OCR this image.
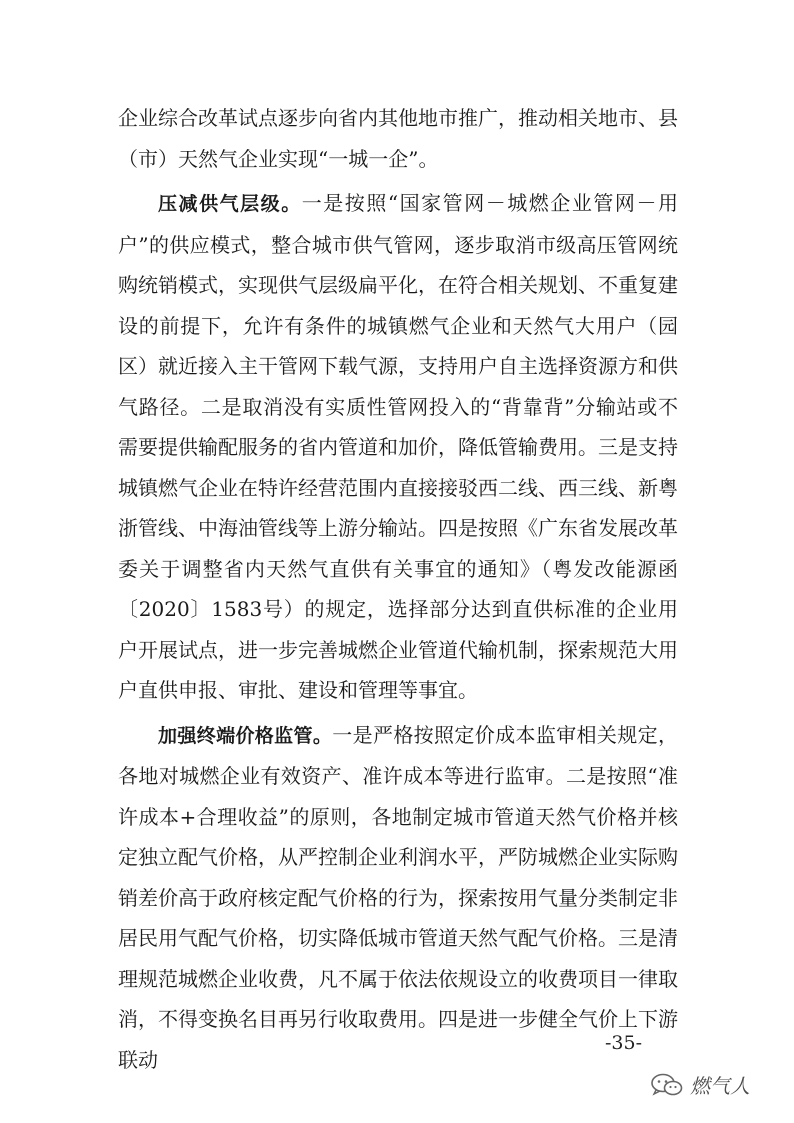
企业综合改革试点逐步向省内其他地市推广，推动相关地市、县（市）天然气企业实现“一城一企”。

压减供气层级。一是按照“国家管网－城燃企业管网－用户”的供应模式，整合城市供气管网，逐步取消市级高压管网统购统销模式，实现供气层级扁平化，在符合相关规划、不重复建设的前提下，允许有条件的城镇燃气企业和天然气大用户（园区）就近接入主干管网下载气源，支持用户自主选择资源方和供气路径。二是取消没有实质性管网投入的“背靠背”分输站或不需要提供输配服务的省内管道和加价，降低管输费用。三是支持城镇燃气企业在特许经营范围内直接接驳西二线、西三线、新粤浙管线、中海油管线等上游分输站。四是按照《广东省发展改革委关于调整省内天然气直供有关事宜的通知》（粤发改能源函〔2020〕1583号）的规定，选择部分达到直供标准的企业用户开展试点，进一步完善城燃企业管道代输机制，探索规范大用户直供申报、审批、建设和管理等事宜。

加强终端价格监管。一是严格按照定价成本监审相关规定，各地对城燃企业有效资产、准许成本等进行监审。二是按照“准许成本+合理收益”的原则，各地制定城市管道天然气价格并核定独立配气价格，从严控制企业利润水平，严防城燃企业实际购销差价高于政府核定配气价格的行为，探索按用气量分类制定非居民用气配气价格，切实降低城市管道天然气配气价格。三是清理规范城燃企业收费，凡不属于依法依规设立的收费项目一律取消，不得变换名目再另行收取费用。四是进一步健全气价上下游联动

-35-
燃气人
